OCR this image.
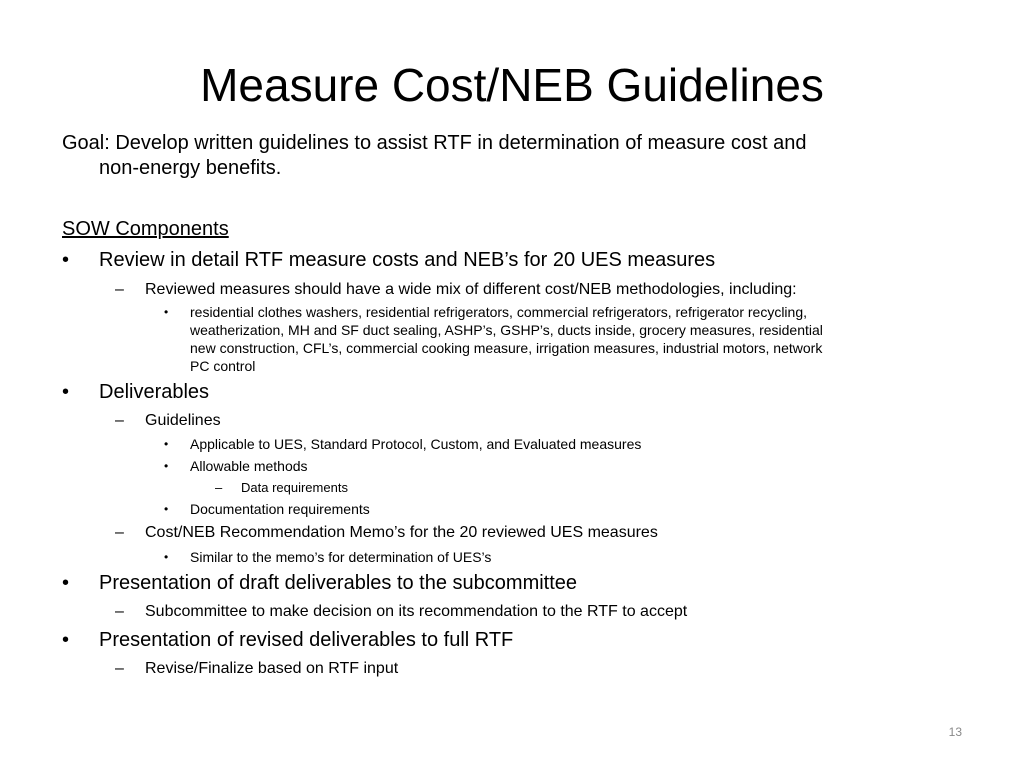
Measure Cost/NEB Guidelines
Goal: Develop written guidelines to assist RTF in determination of measure cost and
non-energy benefits.
SOW Components
• Review in detail RTF measure costs and NEB’s for 20 UES measures
– Reviewed measures should have a wide mix of different cost/NEB methodologies, including:
• residential clothes washers, residential refrigerators, commercial refrigerators, refrigerator recycling,
weatherization, MH and SF duct sealing, ASHP’s, GSHP’s, ducts inside, grocery measures, residential
new construction, CFL’s, commercial cooking measure, irrigation measures, industrial motors, network
PC control
• Deliverables
– Guidelines
• Applicable to UES, Standard Protocol, Custom, and Evaluated measures
• Allowable methods
– Data requirements
• Documentation requirements
– Cost/NEB Recommendation Memo’s for the 20 reviewed UES measures
• Similar to the memo’s for determination of UES’s
• Presentation of draft deliverables to the subcommittee
– Subcommittee to make decision on its recommendation to the RTF to accept
• Presentation of revised deliverables to full RTF
– Revise/Finalize based on RTF input
13
